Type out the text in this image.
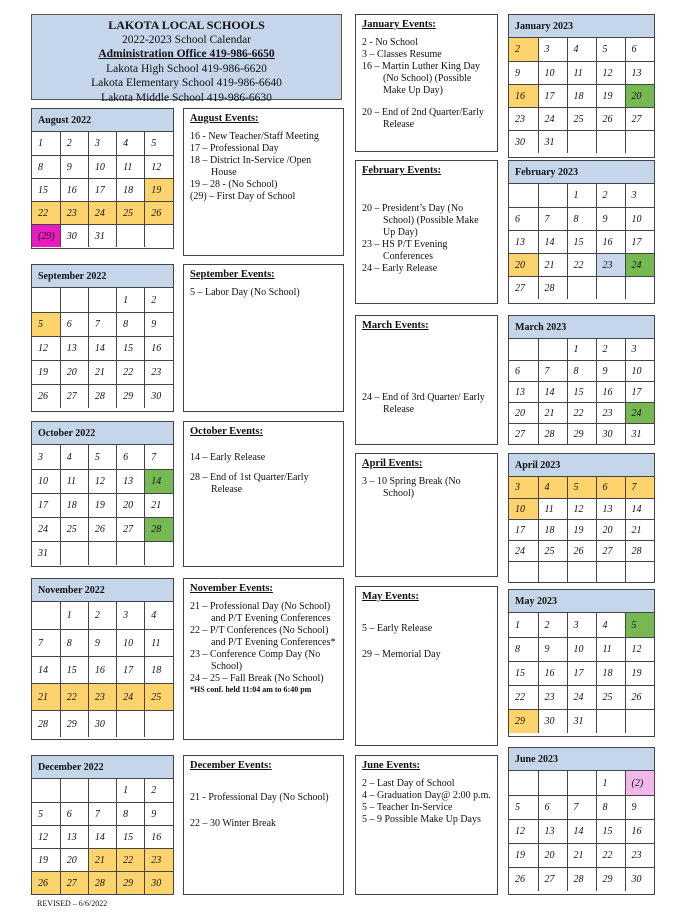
LAKOTA LOCAL SCHOOLS
2022-2023 School Calendar
Administration Office 419-986-6650
Lakota High School 419-986-6620
Lakota Elementary School 419-986-6640
Lakota Middle School 419-986-6630
August 2022
1	2	3	4	5
8	9	10	11	12
15	16	17	18	19
22	23	24	25	26
(29)	30	31		
September 2022
			1	2
5	6	7	8	9
12	13	14	15	16
19	20	21	22	23
26	27	28	29	30
October 2022
3	4	5	6	7
10	11	12	13	14
17	18	19	20	21
24	25	26	27	28
31				
November 2022
	1	2	3	4
7	8	9	10	11
14	15	16	17	18
21	22	23	24	25
28	29	30		
December 2022
			1	2
5	6	7	8	9
12	13	14	15	16
19	20	21	22	23
26	27	28	29	30
January 2023
2	3	4	5	6
9	10	11	12	13
16	17	18	19	20
23	24	25	26	27
30	31			
February 2023
		1	2	3
6	7	8	9	10
13	14	15	16	17
20	21	22	23	24
27	28			
March 2023
		1	2	3
6	7	8	9	10
13	14	15	16	17
20	21	22	23	24
27	28	29	30	31
April 2023
3	4	5	6	7
10	11	12	13	14
17	18	19	20	21
24	25	26	27	28

May 2023
1	2	3	4	5
8	9	10	11	12
15	16	17	18	19
22	23	24	25	26
29	30	31		
June 2023
			1	(2)
5	6	7	8	9
12	13	14	15	16
19	20	21	22	23
26	27	28	29	30
August Events:
16 - New Teacher/Staff Meeting
17 – Professional Day
18 – District In-Service /Open House
19 – 28 - (No School)
(29) – First Day of School
September Events:
5 – Labor Day (No School)
October Events:
14 – Early Release
28 – End of 1st Quarter/Early Release
November Events:
21 – Professional Day (No School) and P/T Evening Conferences
22 – P/T Conferences (No School) and P/T Evening Conferences*
23 – Conference Comp Day (No School)
24 – 25 – Fall Break (No School)
*HS conf. held 11:04 am to 6:40 pm
December Events:
21 - Professional Day (No School)
22 – 30 Winter Break
January Events:
2 - No School
3 – Classes Resume
16 – Martin Luther King Day (No School) (Possible Make Up Day)
20 – End of 2nd Quarter/Early Release
February Events:
20 – President’s Day (No School) (Possible Make Up Day)
23 – HS P/T Evening Conferences
24 – Early Release
March Events:
24 – End of 3rd Quarter/ Early Release
April Events:
3 – 10 Spring Break (No School)
May Events:
5 – Early Release
29 – Memorial Day
June Events:
2 – Last Day of School
4 – Graduation Day@ 2:00 p.m.
5 – Teacher In-Service
5 – 9 Possible Make Up Days
REVISED – 6/6/2022
